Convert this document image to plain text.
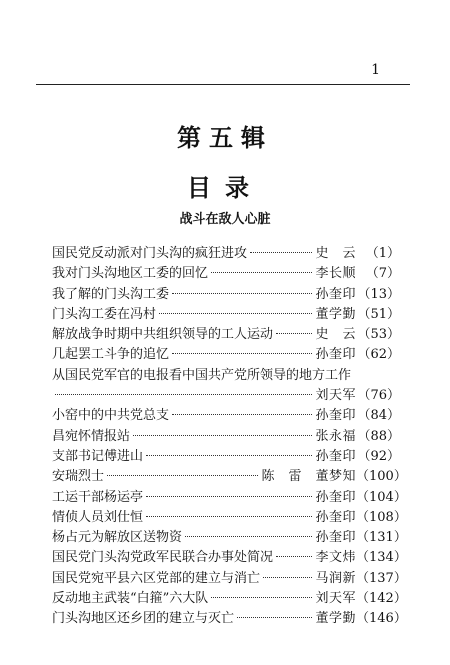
1
第五辑
目录
战斗在敌人心脏
国民党反动派对门头沟的疯狂进攻	史　云 （1）
我对门头沟地区工委的回忆	李长顺 （7）
我了解的门头沟工委	孙奎印 （13）
门头沟工委在冯村	董学勤 （51）
解放战争时期中共组织领导的工人运动	史　云 （53）
几起罢工斗争的追忆	孙奎印 （62）
从国民党军官的电报看中国共产党所领导的地方工作
刘天军 （76）
小窑中的中共党总支	孙奎印 （84）
昌宛怀情报站	张永福 （88）
支部书记傅进山	孙奎印 （92）
安瑞烈士	陈　雷　董梦知 （100）
工运干部杨运亭	孙奎印 （104）
情侦人员刘仕恒	孙奎印 （108）
杨占元为解放区送物资	孙奎印 （131）
国民党门头沟党政军民联合办事处简况	李文炜 （134）
国民党宛平县六区党部的建立与消亡	马润新 （137）
反动地主武装“白箍”六大队	刘天军 （142）
门头沟地区还乡团的建立与灭亡	董学勤 （146）
